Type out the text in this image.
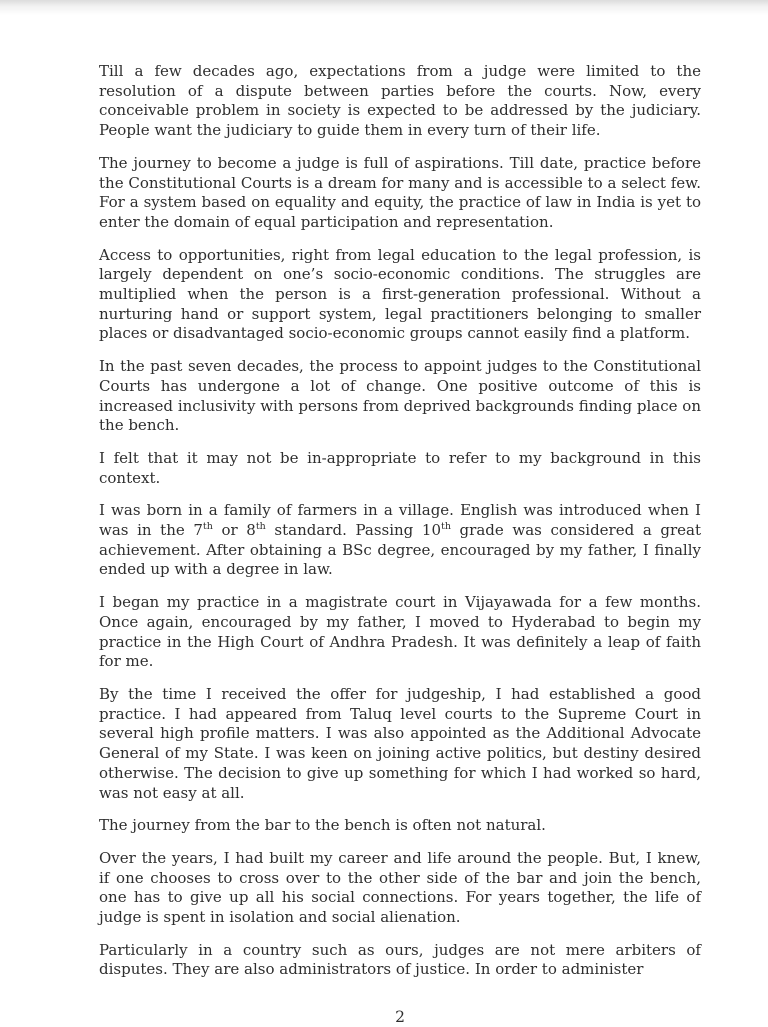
Till a few decades ago, expectations from a judge were limited to the resolution of a dispute between parties before the courts. Now, every conceivable problem in society is expected to be addressed by the judiciary. People want the judiciary to guide them in every turn of their life.

The journey to become a judge is full of aspirations. Till date, practice before the Constitutional Courts is a dream for many and is accessible to a select few. For a system based on equality and equity, the practice of law in India is yet to enter the domain of equal participation and representation.

Access to opportunities, right from legal education to the legal profession, is largely dependent on one’s socio-economic conditions. The struggles are multiplied when the person is a first-generation professional. Without a nurturing hand or support system, legal practitioners belonging to smaller places or disadvantaged socio-economic groups cannot easily find a platform.

In the past seven decades, the process to appoint judges to the Constitutional Courts has undergone a lot of change. One positive outcome of this is increased inclusivity with persons from deprived backgrounds finding place on the bench.

I felt that it may not be in-appropriate to refer to my background in this context.

I was born in a family of farmers in a village. English was introduced when I was in the 7th or 8th standard. Passing 10th grade was considered a great achievement. After obtaining a BSc degree, encouraged by my father, I finally ended up with a degree in law.

I began my practice in a magistrate court in Vijayawada for a few months. Once again, encouraged by my father, I moved to Hyderabad to begin my practice in the High Court of Andhra Pradesh. It was definitely a leap of faith for me.

By the time I received the offer for judgeship, I had established a good practice. I had appeared from Taluq level courts to the Supreme Court in several high profile matters. I was also appointed as the Additional Advocate General of my State. I was keen on joining active politics, but destiny desired otherwise. The decision to give up something for which I had worked so hard, was not easy at all.

The journey from the bar to the bench is often not natural.

Over the years, I had built my career and life around the people. But, I knew, if one chooses to cross over to the other side of the bar and join the bench, one has to give up all his social connections. For years together, the life of judge is spent in isolation and social alienation.

Particularly in a country such as ours, judges are not mere arbiters of disputes. They are also administrators of justice. In order to administer

2
